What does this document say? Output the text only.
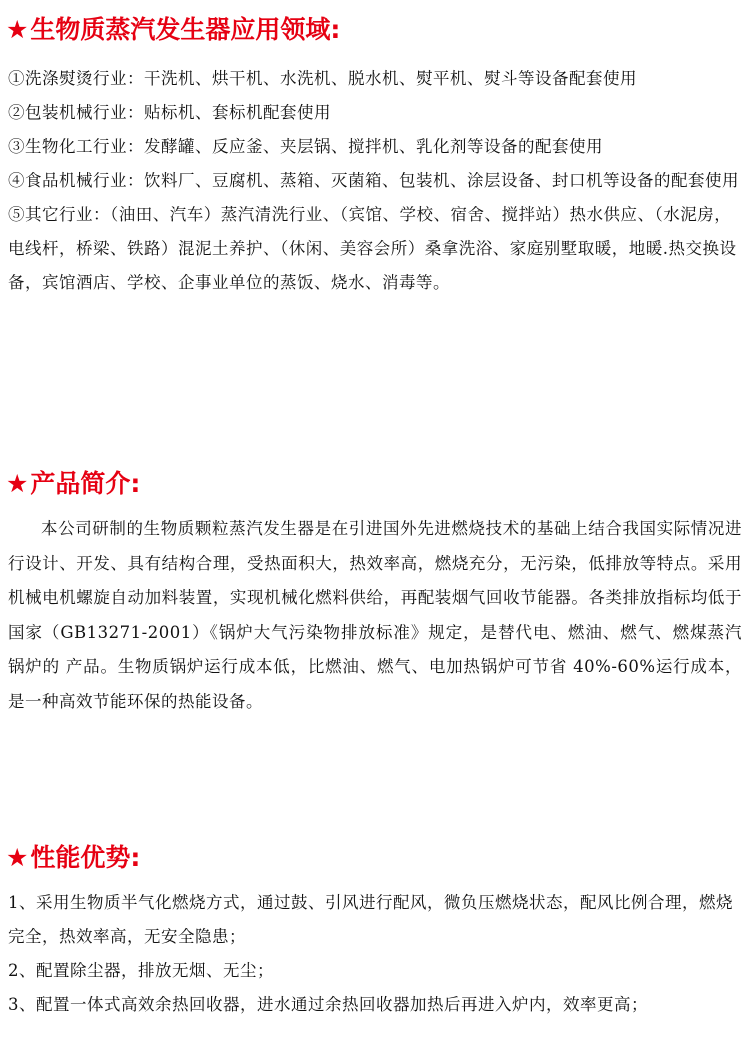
★生物质蒸汽发生器应用领域:

①洗涤熨烫行业：干洗机、烘干机、水洗机、脱水机、熨平机、熨斗等设备配套使用

②包装机械行业：贴标机、套标机配套使用

③生物化工行业：发酵罐、反应釜、夹层锅、搅拌机、乳化剂等设备的配套使用

④食品机械行业：饮料厂、豆腐机、蒸箱、灭菌箱、包装机、涂层设备、封口机等设备的配套使用

⑤其它行业：（油田、汽车）蒸汽清洗行业、（宾馆、学校、宿舍、搅拌站）热水供应、（水泥房，电线杆，桥梁、铁路）混泥土养护、（休闲、美容会所）桑拿洗浴、家庭别墅取暖，地暖.热交换设备，宾馆酒店、学校、企事业单位的蒸饭、烧水、消毒等。

★产品简介:

本公司研制的生物质颗粒蒸汽发生器是在引进国外先进燃烧技术的基础上结合我国实际情况进行设计、开发、具有结构合理，受热面积大，热效率高，燃烧充分，无污染，低排放等特点。采用机械电机螺旋自动加料装置，实现机械化燃料供给，再配装烟气回收节能器。各类排放指标均低于国家（GB13271-2001）《锅炉大气污染物排放标准》规定，是替代电、燃油、燃气、燃煤蒸汽锅炉的 产品。生物质锅炉运行成本低，比燃油、燃气、电加热锅炉可节省 40%-60%运行成本，是一种高效节能环保的热能设备。

★性能优势:

1、采用生物质半气化燃烧方式，通过鼓、引风进行配风，微负压燃烧状态，配风比例合理，燃烧完全，热效率高，无安全隐患；

2、配置除尘器，排放无烟、无尘；

3、配置一体式高效余热回收器，进水通过余热回收器加热后再进入炉内，效率更高；
